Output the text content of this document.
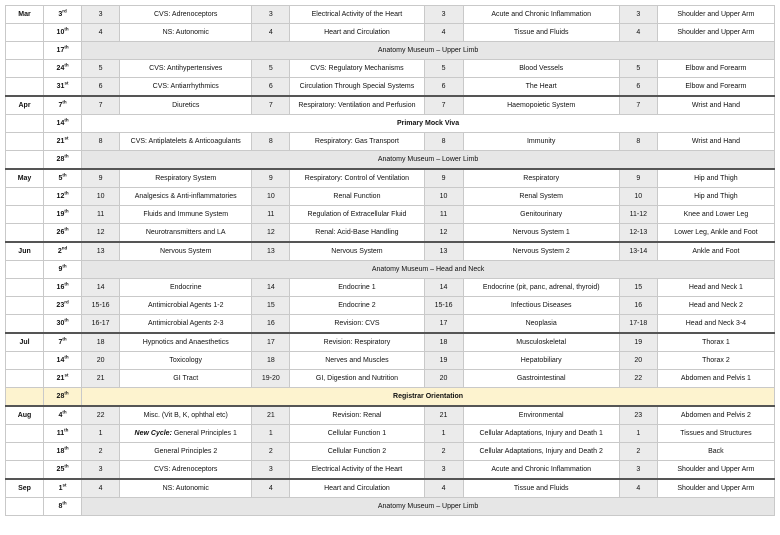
Mar	3rd	3	CVS: Adrenoceptors	3	Electrical Activity of the Heart	3	Acute and Chronic Inflammation	3	Shoulder and Upper Arm
	10th	4	NS: Autonomic	4	Heart and Circulation	4	Tissue and Fluids	4	Shoulder and Upper Arm
	17th	Anatomy Museum – Upper Limb							
	24th	5	CVS: Antihypertensives	5	CVS: Regulatory Mechanisms	5	Blood Vessels	5	Elbow and Forearm
	31st	6	CVS: Antiarrhythmics	6	Circulation Through Special Systems	6	The Heart	6	Elbow and Forearm
Apr	7th	7	Diuretics	7	Respiratory: Ventilation and Perfusion	7	Haemopoietic System	7	Wrist and Hand
	14th	Primary Mock Viva							
	21st	8	CVS: Antiplatelets & Anticoagulants	8	Respiratory: Gas Transport	8	Immunity	8	Wrist and Hand
	28th	Anatomy Museum – Lower Limb							
May	5th	9	Respiratory System	9	Respiratory: Control of Ventilation	9	Respiratory	9	Hip and Thigh
	12th	10	Analgesics & Anti-inflammatories	10	Renal Function	10	Renal System	10	Hip and Thigh
	19th	11	Fluids and Immune System	11	Regulation of Extracellular Fluid	11	Genitourinary	11-12	Knee and Lower Leg
	26th	12	Neurotransmitters and LA	12	Renal: Acid-Base Handling	12	Nervous System 1	12-13	Lower Leg, Ankle and Foot
Jun	2nd	13	Nervous System	13	Nervous System	13	Nervous System 2	13-14	Ankle and Foot
	9th	Anatomy Museum – Head and Neck							
	16th	14	Endocrine	14	Endocrine 1	14	Endocrine (pit, panc, adrenal, thyroid)	15	Head and Neck 1
	23rd	15-16	Antimicrobial Agents 1-2	15	Endocrine 2	15-16	Infectious Diseases	16	Head and Neck 2
	30th	16-17	Antimicrobial Agents 2-3	16	Revision: CVS	17	Neoplasia	17-18	Head and Neck 3-4
Jul	7th	18	Hypnotics and Anaesthetics	17	Revision: Respiratory	18	Musculoskeletal	19	Thorax 1
	14th	20	Toxicology	18	Nerves and Muscles	19	Hepatobiliary	20	Thorax 2
	21st	21	GI Tract	19-20	GI, Digestion and Nutrition	20	Gastrointestinal	22	Abdomen and Pelvis 1
	28th	Registrar Orientation							
Aug	4th	22	Misc. (Vit B, K, ophthal etc)	21	Revision: Renal	21	Environmental	23	Abdomen and Pelvis 2
	11th	1	New Cycle: General Principles 1	1	Cellular Function 1	1	Cellular Adaptations, Injury and Death 1	1	Tissues and Structures
	18th	2	General Principles 2	2	Cellular Function 2	2	Cellular Adaptations, Injury and Death 2	2	Back
	25th	3	CVS: Adrenoceptors	3	Electrical Activity of the Heart	3	Acute and Chronic Inflammation	3	Shoulder and Upper Arm
Sep	1st	4	NS: Autonomic	4	Heart and Circulation	4	Tissue and Fluids	4	Shoulder and Upper Arm
	8th	Anatomy Museum – Upper Limb							
